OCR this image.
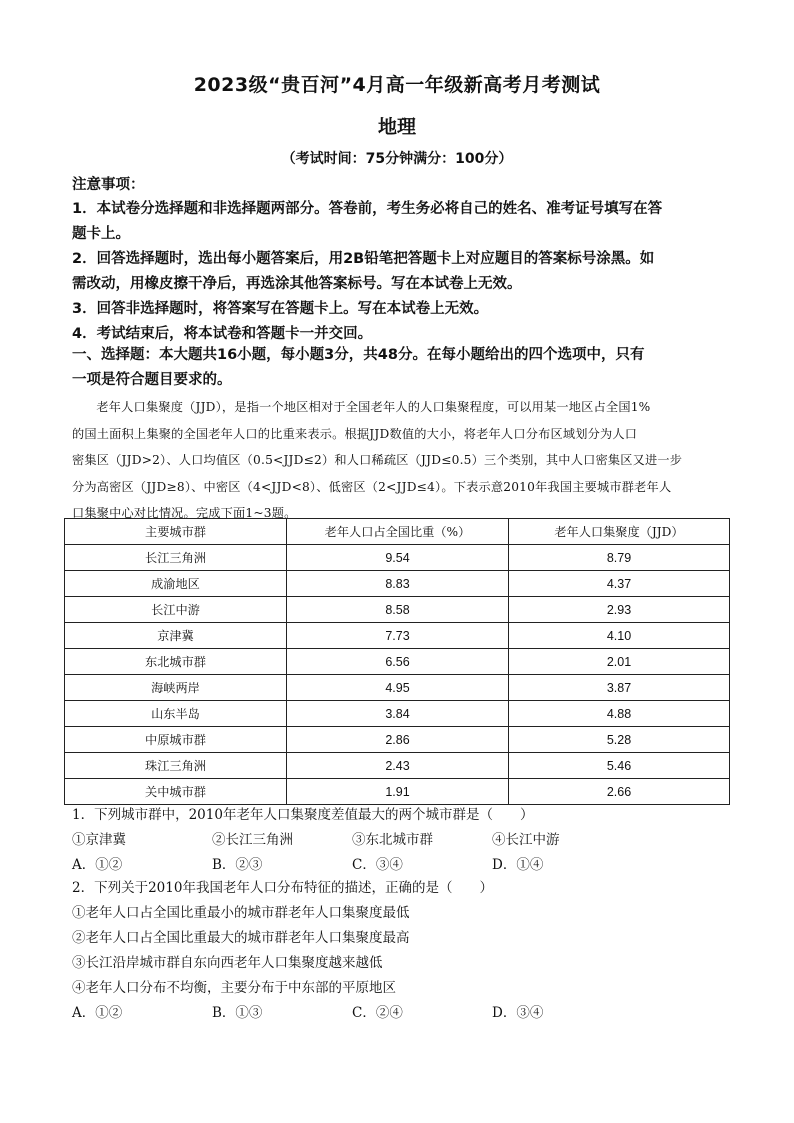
2023级“贵百河”4月高一年级新高考月考测试
地理
（考试时间：75分钟满分：100分）
注意事项：

1．本试卷分选择题和非选择题两部分。答卷前，考生务必将自己的姓名、准考证号填写在答

题卡上。

2．回答选择题时，选出每小题答案后，用2B铅笔把答题卡上对应题目的答案标号涂黑。如

需改动，用橡皮擦干净后，再选涂其他答案标号。写在本试卷上无效。

3．回答非选择题时，将答案写在答题卡上。写在本试卷上无效。

4．考试结束后，将本试卷和答题卡一并交回。

一、选择题：本大题共16小题，每小题3分，共48分。在每小题给出的四个选项中，只有

一项是符合题目要求的。

老年人口集聚度（JJD），是指一个地区相对于全国老年人的人口集聚程度，可以用某一地区占全国1%

的国土面积上集聚的全国老年人口的比重来表示。根据JJD数值的大小，将老年人口分布区域划分为人口

密集区（JJD>2）、人口均值区（0.5<JJD≤2）和人口稀疏区（JJD≤0.5）三个类别，其中人口密集区又进一步

分为高密区（JJD≥8）、中密区（4<JJD<8）、低密区（2<JJD≤4）。下表示意2010年我国主要城市群老年人

口集聚中心对比情况。完成下面1~3题。

主要城市群	老年人口占全国比重（%）	老年人口集聚度（JJD）
长江三角洲	9.54	8.79
成渝地区	8.83	4.37
长江中游	8.58	2.93
京津冀	7.73	4.10
东北城市群	6.56	2.01
海峡两岸	4.95	3.87
山东半岛	3.84	4.88
中原城市群	2.86	5.28
珠江三角洲	2.43	5.46
关中城市群	1.91	2.66

1．下列城市群中，2010年老年人口集聚度差值最大的两个城市群是（　　）

①京津冀	②长江三角洲	③东北城市群	④长江中游
A．①②	B．②③	C．③④	D．①④

2．下列关于2010年我国老年人口分布特征的描述，正确的是（　　）

①老年人口占全国比重最小的城市群老年人口集聚度最低

②老年人口占全国比重最大的城市群老年人口集聚度最高

③长江沿岸城市群自东向西老年人口集聚度越来越低

④老年人口分布不均衡，主要分布于中东部的平原地区

A．①②	B．①③	C．②④	D．③④
